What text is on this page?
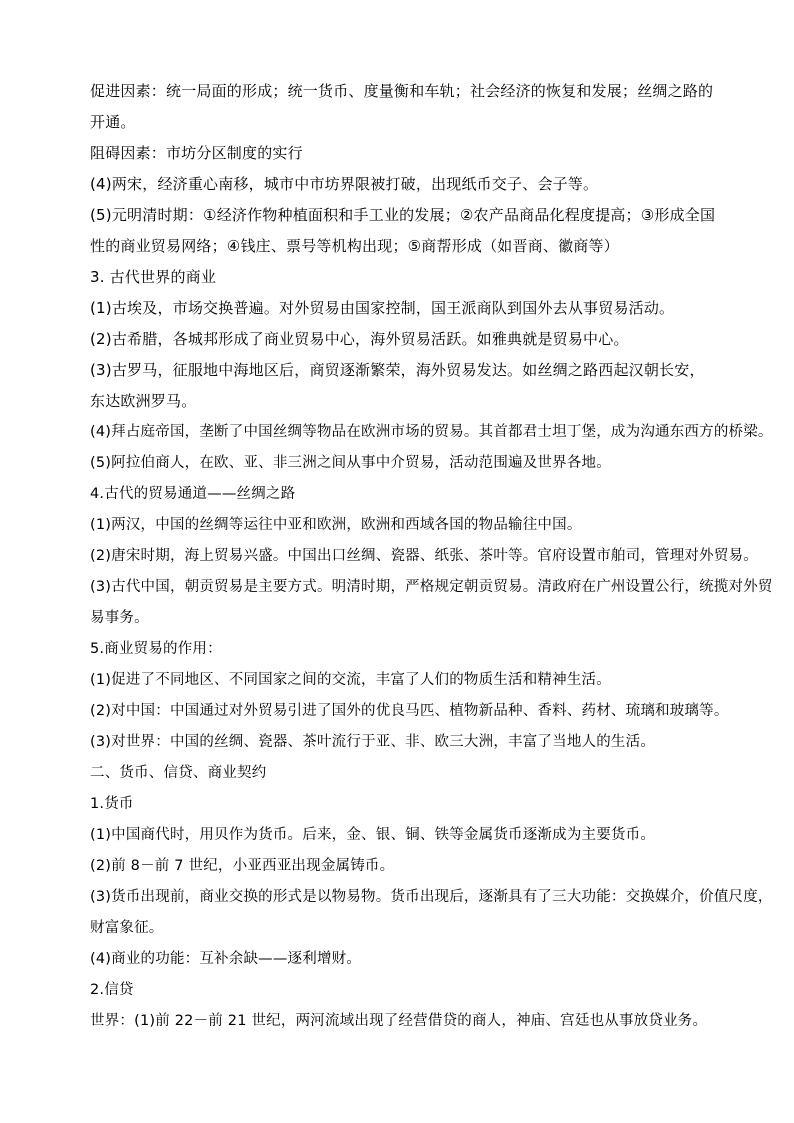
促进因素：统一局面的形成；统一货币、度量衡和车轨；社会经济的恢复和发展；丝绸之路的
开通。
阻碍因素：市坊分区制度的实行
(4)两宋，经济重心南移，城市中市坊界限被打破，出现纸币交子、会子等。
(5)元明清时期：①经济作物种植面积和手工业的发展；②农产品商品化程度提高；③形成全国
性的商业贸易网络；④钱庄、票号等机构出现；⑤商帮形成（如晋商、徽商等）
3. 古代世界的商业
(1)古埃及，市场交换普遍。对外贸易由国家控制，国王派商队到国外去从事贸易活动。
(2)古希腊，各城邦形成了商业贸易中心，海外贸易活跃。如雅典就是贸易中心。
(3)古罗马，征服地中海地区后，商贸逐渐繁荣，海外贸易发达。如丝绸之路西起汉朝长安，
东达欧洲罗马。
(4)拜占庭帝国，垄断了中国丝绸等物品在欧洲市场的贸易。其首都君士坦丁堡，成为沟通东西方的桥梁。
(5)阿拉伯商人，在欧、亚、非三洲之间从事中介贸易，活动范围遍及世界各地。
4.古代的贸易通道——丝绸之路
(1)两汉，中国的丝绸等运往中亚和欧洲，欧洲和西域各国的物品输往中国。
(2)唐宋时期，海上贸易兴盛。中国出口丝绸、瓷器、纸张、茶叶等。官府设置市舶司，管理对外贸易。
(3)古代中国，朝贡贸易是主要方式。明清时期，严格规定朝贡贸易。清政府在广州设置公行，统揽对外贸
易事务。
5.商业贸易的作用：
(1)促进了不同地区、不同国家之间的交流，丰富了人们的物质生活和精神生活。
(2)对中国：中国通过对外贸易引进了国外的优良马匹、植物新品种、香料、药材、琉璃和玻璃等。
(3)对世界：中国的丝绸、瓷器、茶叶流行于亚、非、欧三大洲，丰富了当地人的生活。
二、货币、信贷、商业契约
1.货币
(1)中国商代时，用贝作为货币。后来，金、银、铜、铁等金属货币逐渐成为主要货币。
(2)前 8－前 7 世纪，小亚西亚出现金属铸币。
(3)货币出现前，商业交换的形式是以物易物。货币出现后，逐渐具有了三大功能：交换媒介，价值尺度，
财富象征。
(4)商业的功能：互补余缺——逐利增财。
2.信贷
世界：(1)前 22－前 21 世纪，两河流域出现了经营借贷的商人，神庙、宫廷也从事放贷业务。
